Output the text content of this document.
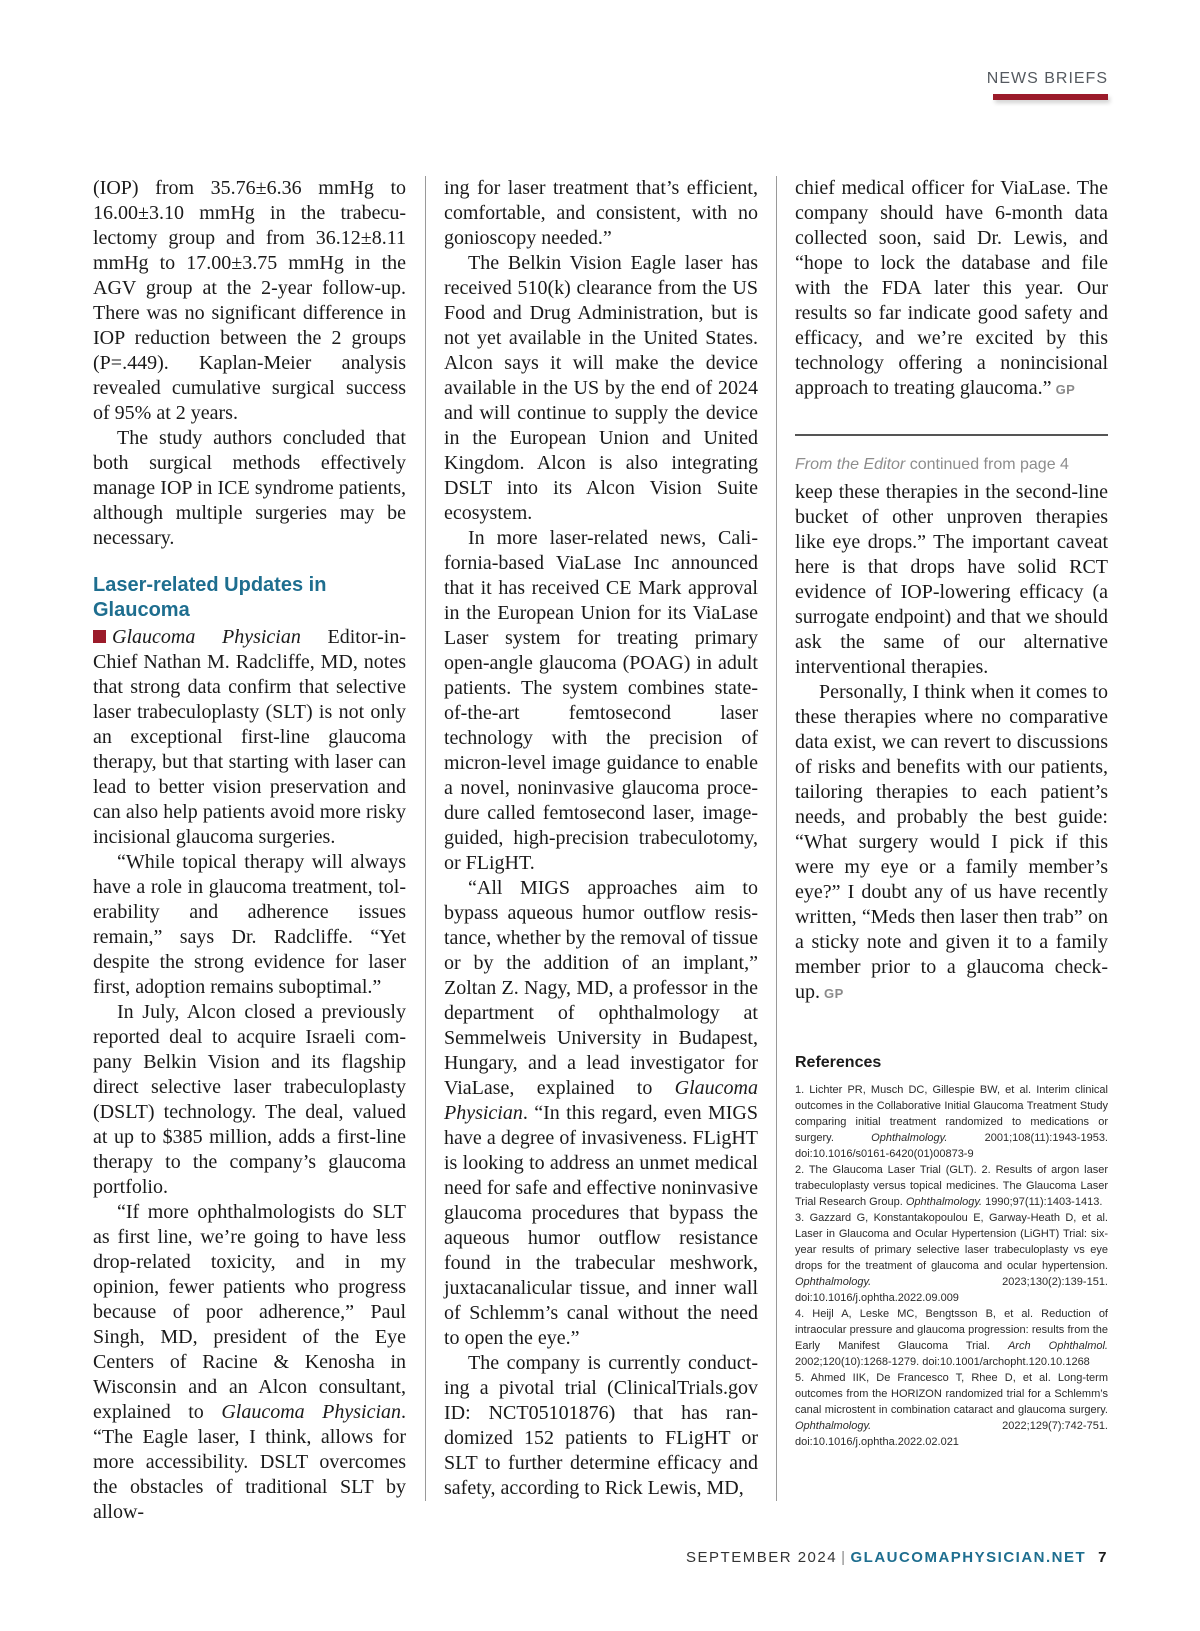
NEWS BRIEFS

(IOP) from 35.76±6.36 mmHg to 16.00±3.10 mmHg in the trabeculectomy group and from 36.12±8.11 mmHg to 17.00±3.75 mmHg in the AGV group at the 2-year follow-up. There was no significant difference in IOP reduction between the 2 groups (P=.449). Kaplan-Meier analysis revealed cumulative surgical success of 95% at 2 years.

The study authors concluded that both surgical methods effectively manage IOP in ICE syndrome patients, although multiple surgeries may be necessary.

Laser-related Updates in Glaucoma

Glaucoma Physician Editor-in-Chief Nathan M. Radcliffe, MD, notes that strong data confirm that selective laser trabeculoplasty (SLT) is not only an exceptional first-line glaucoma therapy, but that starting with laser can lead to better vision preservation and can also help patients avoid more risky incisional glaucoma surgeries.

“While topical therapy will always have a role in glaucoma treatment, tolerability and adherence issues remain,” says Dr. Radcliffe. “Yet despite the strong evidence for laser first, adoption remains suboptimal.”

In July, Alcon closed a previously reported deal to acquire Israeli company Belkin Vision and its flagship direct selective laser trabeculoplasty (DSLT) technology. The deal, valued at up to $385 million, adds a first-line therapy to the company’s glaucoma portfolio.

“If more ophthalmologists do SLT as first line, we’re going to have less drop-related toxicity, and in my opinion, fewer patients who progress because of poor adherence,” Paul Singh, MD, president of the Eye Centers of Racine & Kenosha in Wisconsin and an Alcon consultant, explained to Glaucoma Physician. “The Eagle laser, I think, allows for more accessibility. DSLT overcomes the obstacles of traditional SLT by allow-

ing for laser treatment that’s efficient, comfortable, and consistent, with no gonioscopy needed.”

The Belkin Vision Eagle laser has received 510(k) clearance from the US Food and Drug Administration, but is not yet available in the United States. Alcon says it will make the device available in the US by the end of 2024 and will continue to supply the device in the European Union and United Kingdom. Alcon is also integrating DSLT into its Alcon Vision Suite ecosystem.

In more laser-related news, California-based ViaLase Inc announced that it has received CE Mark approval in the European Union for its ViaLase Laser system for treating primary open-angle glaucoma (POAG) in adult patients. The system combines state-of-the-art femtosecond laser technology with the precision of micron-level image guidance to enable a novel, noninvasive glaucoma procedure called femtosecond laser, image-guided, high-precision trabeculotomy, or FLigHT.

“All MIGS approaches aim to bypass aqueous humor outflow resistance, whether by the removal of tissue or by the addition of an implant,” Zoltan Z. Nagy, MD, a professor in the department of ophthalmology at Semmelweis University in Budapest, Hungary, and a lead investigator for ViaLase, explained to Glaucoma Physician. “In this regard, even MIGS have a degree of invasiveness. FLigHT is looking to address an unmet medical need for safe and effective noninvasive glaucoma procedures that bypass the aqueous humor outflow resistance found in the trabecular meshwork, juxtacanalicular tissue, and inner wall of Schlemm’s canal without the need to open the eye.”

The company is currently conducting a pivotal trial (ClinicalTrials.gov ID: NCT05101876) that has randomized 152 patients to FLigHT or SLT to further determine efficacy and safety, according to Rick Lewis, MD,

chief medical officer for ViaLase. The company should have 6-month data collected soon, said Dr. Lewis, and “hope to lock the database and file with the FDA later this year. Our results so far indicate good safety and efficacy, and we’re excited by this technology offering a nonincisional approach to treating glaucoma.” GP

From the Editor continued from page 4

keep these therapies in the second-line bucket of other unproven therapies like eye drops.” The important caveat here is that drops have solid RCT evidence of IOP-lowering efficacy (a surrogate endpoint) and that we should ask the same of our alternative interventional therapies.

Personally, I think when it comes to these therapies where no comparative data exist, we can revert to discussions of risks and benefits with our patients, tailoring therapies to each patient’s needs, and probably the best guide: “What surgery would I pick if this were my eye or a family member’s eye?” I doubt any of us have recently written, “Meds then laser then trab” on a sticky note and given it to a family member prior to a glaucoma check-up. GP

References

1. Lichter PR, Musch DC, Gillespie BW, et al. Interim clinical outcomes in the Collaborative Initial Glaucoma Treatment Study comparing initial treatment randomized to medications or surgery. Ophthalmology. 2001;108(11):1943-1953. doi:10.1016/s0161-6420(01)00873-9

2. The Glaucoma Laser Trial (GLT). 2. Results of argon laser trabeculoplasty versus topical medicines. The Glaucoma Laser Trial Research Group. Ophthalmology. 1990;97(11):1403-1413.

3. Gazzard G, Konstantakopoulou E, Garway-Heath D, et al. Laser in Glaucoma and Ocular Hypertension (LiGHT) Trial: six-year results of primary selective laser trabeculoplasty vs eye drops for the treatment of glaucoma and ocular hypertension. Ophthalmology. 2023;130(2):139-151. doi:10.1016/j.ophtha.2022.09.009

4. Heijl A, Leske MC, Bengtsson B, et al. Reduction of intraocular pressure and glaucoma progression: results from the Early Manifest Glaucoma Trial. Arch Ophthalmol. 2002;120(10):1268-1279. doi:10.1001/archopht.120.10.1268

5. Ahmed IIK, De Francesco T, Rhee D, et al. Long-term outcomes from the HORIZON randomized trial for a Schlemm’s canal microstent in combination cataract and glaucoma surgery. Ophthalmology. 2022;129(7):742-751. doi:10.1016/j.ophtha.2022.02.021

SEPTEMBER 2024 | GLAUCOMAPHYSICIAN.NET 7
